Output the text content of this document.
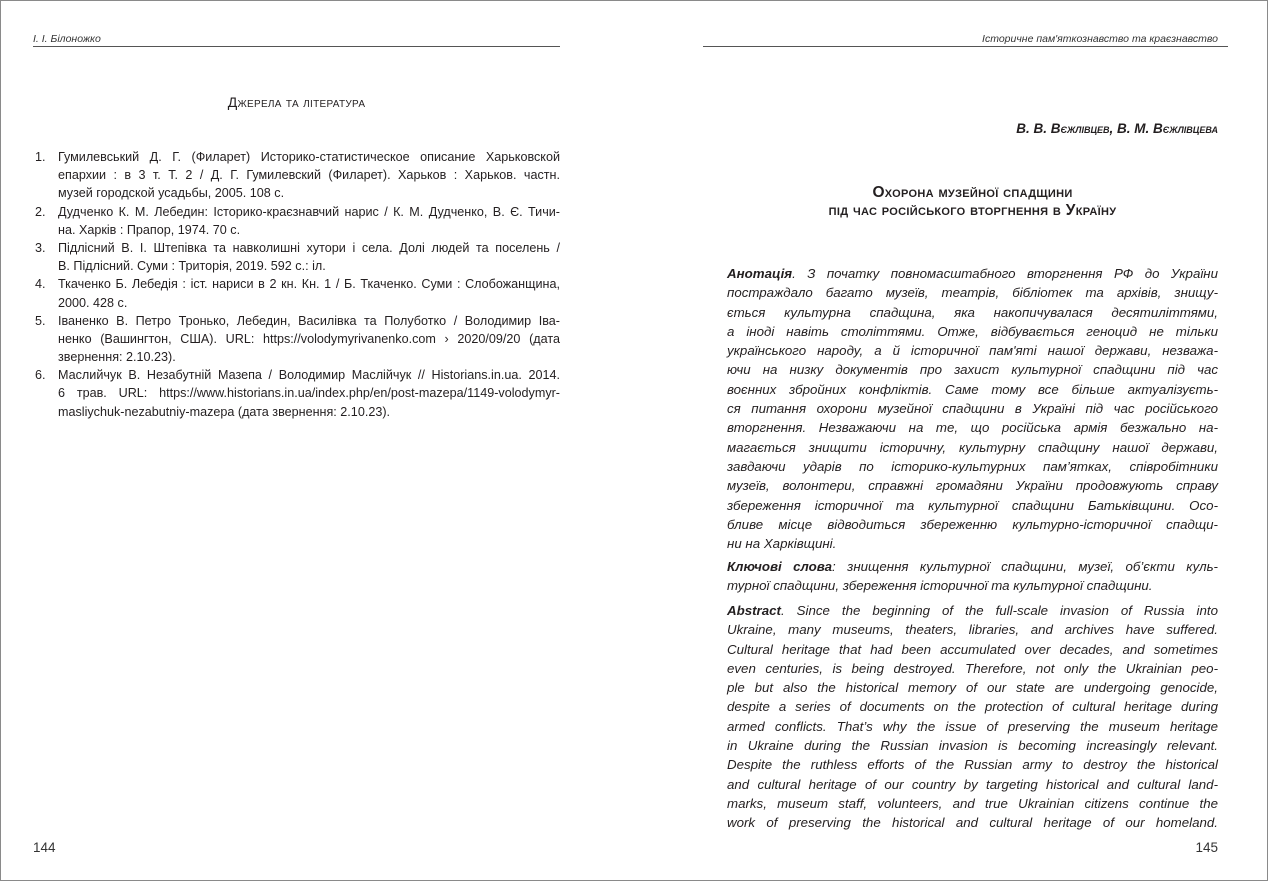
І. І. Білоножко
Джерела та література
1. Гумилевський Д. Г. (Филарет) Историко-статистическое описание Харьковской
епархии : в 3 т. Т. 2 / Д. Г. Гумилевский (Филарет). Харьков : Харьков. частн.
музей городской усадьбы, 2005. 108 с.
2. Дудченко К. М. Лебедин: Історико-краєзнавчий нарис / К. М. Дудченко, В. Є. Тичи-
на. Харків : Прапор, 1974. 70 с.
3. Підлісний В. І. Штепівка та навколишні хутори і села. Долі людей та поселень /
В. Підлісний. Суми : Триторія, 2019. 592 с.: іл.
4. Ткаченко Б. Лебедія : іст. нариси в 2 кн. Кн. 1 / Б. Ткаченко. Суми : Слобожанщина,
2000. 428 с.
5. Іваненко В. Петро Тронько, Лебедин, Василівка та Полуботко / Володимир Іва-
ненко (Вашингтон, США). URL: https://volodymyrivanenko.com › 2020/09/20 (дата
звернення: 2.10.23).
6. Маслийчук В. Незабутній Мазепа / Володимир Маслійчук // Historians.in.ua. 2014.
6 трав. URL: https://www.historians.in.ua/index.php/en/post-mazepa/1149-volodymyr-
masliychuk-nezabutniy-mazepa (дата звернення: 2.10.23).
144
Історичне пам'яткознавство та краєзнавство
В. В. Вєжлівцев, В. М. Вєжлівцева
Охорона музейної спадщини
під час російського вторгнення в Україну
Анотація. З початку повномасштабного вторгнення РФ до України
постраждало багато музеїв, театрів, бібліотек та архівів, знищу-
ється культурна спадщина, яка накопичувалася десятиліттями,
а іноді навіть століттями. Отже, відбувається геноцид не тільки
українського народу, а й історичної пам'яті нашої держави, незважа-
ючи на низку документів про захист культурної спадщини під час
воєнних збройних конфліктів. Саме тому все більше актуалізуєть-
ся питання охорони музейної спадщини в Україні під час російського
вторгнення. Незважаючи на те, що російська армія безжально на-
магається знищити історичну, культурну спадщину нашої держави,
завдаючи ударів по історико-культурних пам’ятках, співробітники
музеїв, волонтери, справжні громадяни України продовжують справу
збереження історичної та культурної спадщини Батьківщини. Осо-
бливе місце відводиться збереженню культурно-історичної спадщи-
ни на Харківщині.
Ключові слова: знищення культурної спадщини, музеї, об’єкти куль-
турної спадщини, збереження історичної та культурної спадщини.
Abstract. Since the beginning of the full-scale invasion of Russia into
Ukraine, many museums, theaters, libraries, and archives have suffered.
Cultural heritage that had been accumulated over decades, and sometimes
even centuries, is being destroyed. Therefore, not only the Ukrainian peo-
ple but also the historical memory of our state are undergoing genocide,
despite a series of documents on the protection of cultural heritage during
armed conflicts. That’s why the issue of preserving the museum heritage
in Ukraine during the Russian invasion is becoming increasingly relevant.
Despite the ruthless efforts of the Russian army to destroy the historical
and cultural heritage of our country by targeting historical and cultural land-
marks, museum staff, volunteers, and true Ukrainian citizens continue the
work of preserving the historical and cultural heritage of our homeland.
145
